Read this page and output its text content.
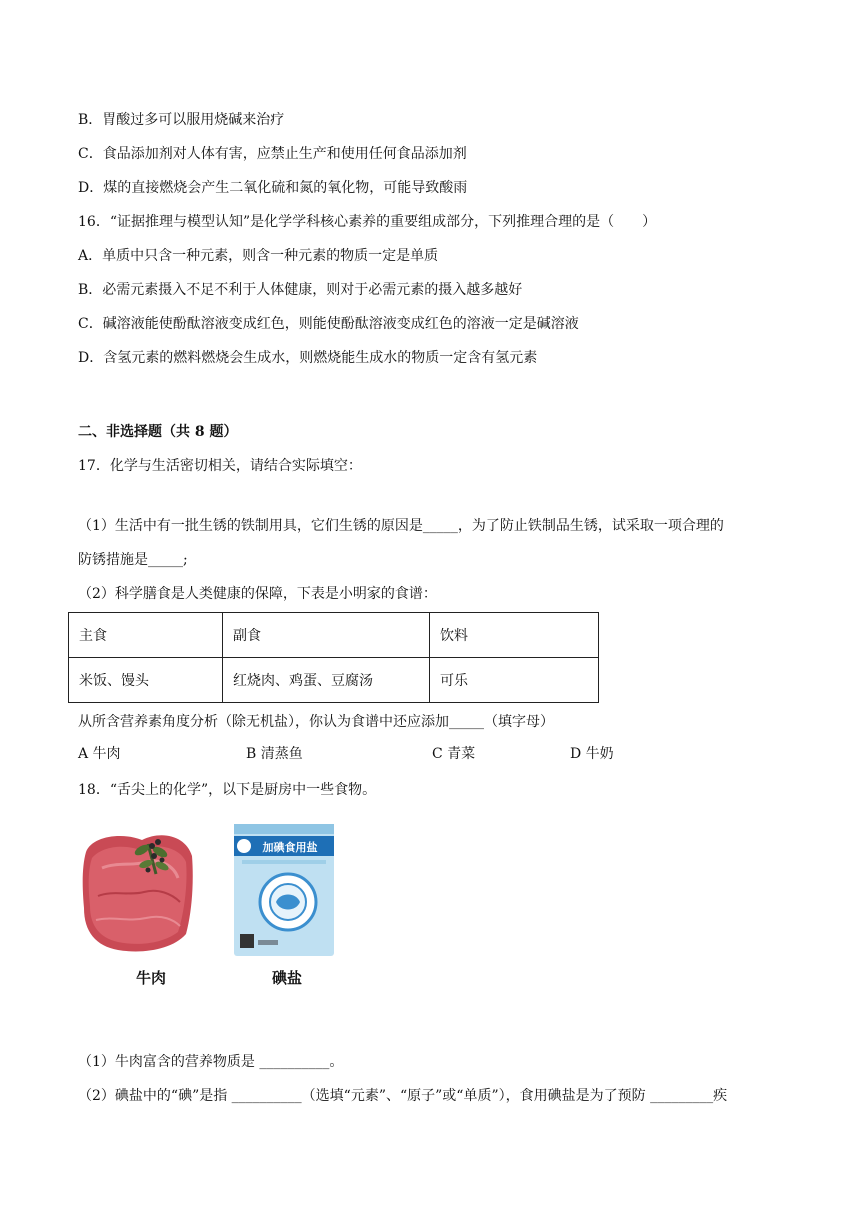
B．胃酸过多可以服用烧碱来治疗
C．食品添加剂对人体有害，应禁止生产和使用任何食品添加剂
D．煤的直接燃烧会产生二氧化硫和氮的氧化物，可能导致酸雨
16．“证据推理与模型认知”是化学学科核心素养的重要组成部分，下列推理合理的是（　　）
A．单质中只含一种元素，则含一种元素的物质一定是单质
B．必需元素摄入不足不利于人体健康，则对于必需元素的摄入越多越好
C．碱溶液能使酚酞溶液变成红色，则能使酚酞溶液变成红色的溶液一定是碱溶液
D．含氢元素的燃料燃烧会生成水，则燃烧能生成水的物质一定含有氢元素
二、非选择题（共 8 题）
17．化学与生活密切相关，请结合实际填空：
（1）生活中有一批生锈的铁制用具，它们生锈的原因是_____，为了防止铁制品生锈，试采取一项合理的
防锈措施是_____;
（2）科学膳食是人类健康的保障，下表是小明家的食谱：
主食	副食	饮料
米饭、馒头	红烧肉、鸡蛋、豆腐汤	可乐
从所含营养素角度分析（除无机盐），你认为食谱中还应添加_____（填字母）
A 牛肉	B 清蒸鱼	C 青菜	D 牛奶
18．“舌尖上的化学”，以下是厨房中一些食物。
加碘食用盐
牛肉	碘盐
（1）牛肉富含的营养物质是 __________。
（2）碘盐中的“碘”是指 __________（选填“元素”、“原子”或“单质”），食用碘盐是为了预防 _________疾
